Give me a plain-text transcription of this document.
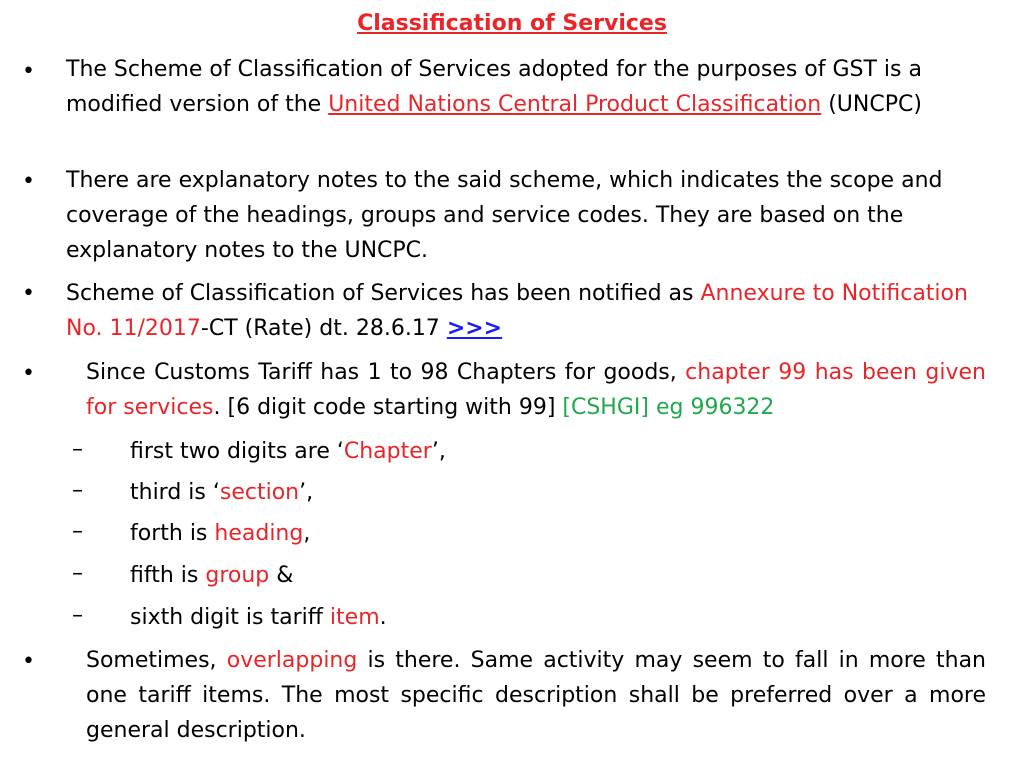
Classification of Services
• The Scheme of Classification of Services adopted for the purposes of GST is a modified version of the United Nations Central Product Classification (UNCPC)

• There are explanatory notes to the said scheme, which indicates the scope and coverage of the headings, groups and service codes. They are based on the explanatory notes to the UNCPC.

• Scheme of Classification of Services has been notified as Annexure to Notification No. 11/2017-CT (Rate) dt. 28.6.17 >>>

• Since Customs Tariff has 1 to 98 Chapters for goods, chapter 99 has been given for services. [6 digit code starting with 99] [CSHGI] eg 996322

– first two digits are ‘Chapter’,
– third is ‘section’,
– forth is heading,
– fifth is group &
– sixth digit is tariff item.
• Sometimes, overlapping is there. Same activity may seem to fall in more than one tariff items. The most specific description shall be preferred over a more general description.
